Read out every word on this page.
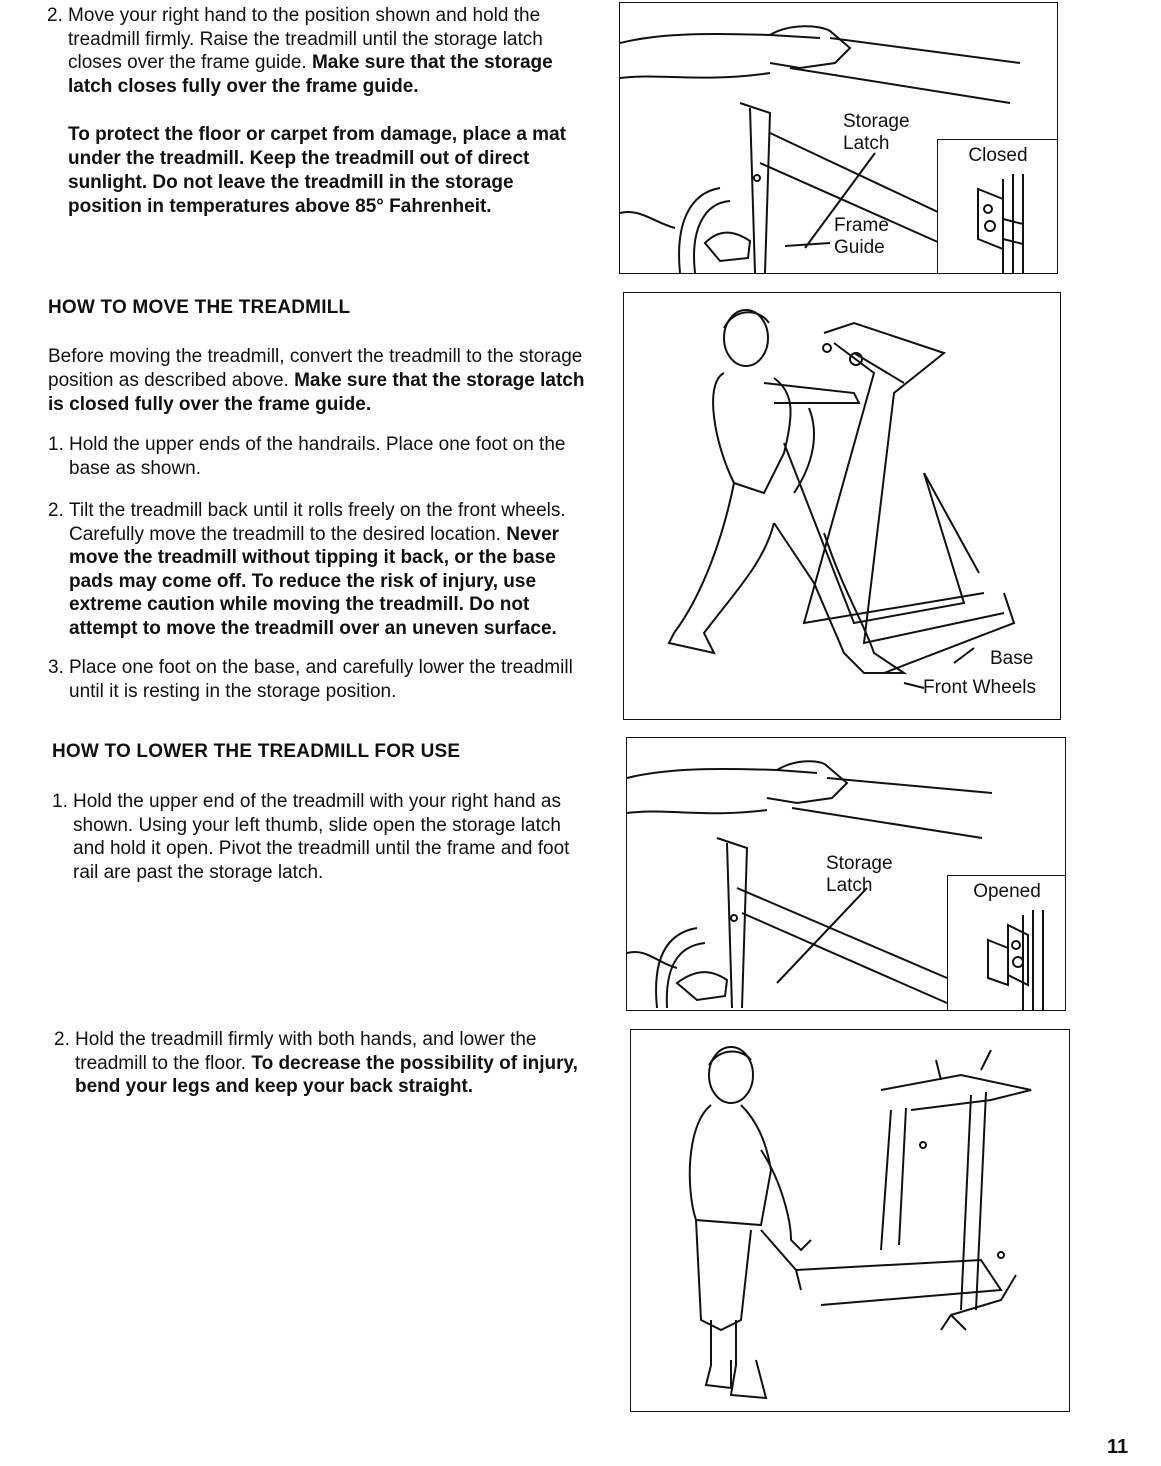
2. Move your right hand to the position shown and hold the treadmill firmly. Raise the treadmill until the storage latch closes over the frame guide. Make sure that the storage latch closes fully over the frame guide.
To protect the floor or carpet from damage, place a mat under the treadmill. Keep the treadmill out of direct sunlight. Do not leave the treadmill in the storage position in temperatures above 85° Fahrenheit.
HOW TO MOVE THE TREADMILL
Before moving the treadmill, convert the treadmill to the storage position as described above. Make sure that the storage latch is closed fully over the frame guide.
1. Hold the upper ends of the handrails. Place one foot on the base as shown.
2. Tilt the treadmill back until it rolls freely on the front wheels. Carefully move the treadmill to the desired location. Never move the treadmill without tipping it back, or the base pads may come off. To reduce the risk of injury, use extreme caution while moving the treadmill. Do not attempt to move the treadmill over an uneven surface.
3. Place one foot on the base, and carefully lower the treadmill until it is resting in the storage position.
HOW TO LOWER THE TREADMILL FOR USE
1. Hold the upper end of the treadmill with your right hand as shown. Using your left thumb, slide open the storage latch and hold it open. Pivot the treadmill until the frame and foot rail are past the storage latch.
2. Hold the treadmill firmly with both hands, and lower the treadmill to the floor. To decrease the possibility of injury, bend your legs and keep your back straight.
Storage Latch
Frame Guide
Closed
Base
Front Wheels
Storage Latch	Opened
11
